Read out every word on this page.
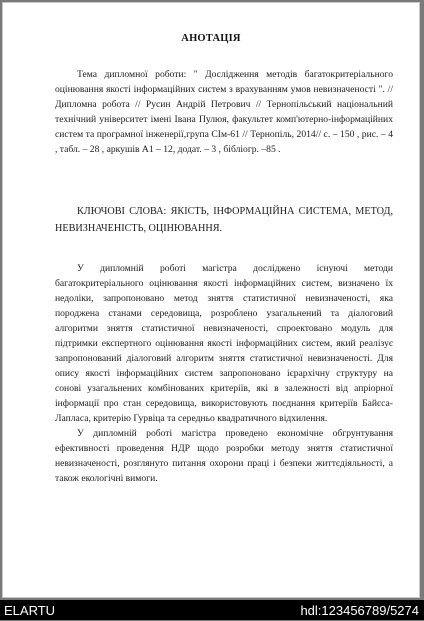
АНОТАЦІЯ

Тема дипломної роботи: " Дослідження методів багатокритеріального оцінювання якості інформаційних систем з врахуванням умов невизначеності ". // Дипломна робота // Русин Андрій Петрович // Тернопільський національний технічний університет імені Івана Пулюя, факультет комп'ютерно-інформаційних систем та програмної інженерії,група СІм-61 // Тернопіль, 2014// с. – 150 , рис. – 4 , табл. – 28 , аркушів А1 – 12, додат. – 3 , бібліогр. –85 .

КЛЮЧОВІ СЛОВА: ЯКІСТЬ, ІНФОРМАЦІЙНА СИСТЕМА, МЕТОД, НЕВИЗНАЧЕНІСТЬ, ОЦІНЮВАННЯ.

У дипломній роботі магістра досліджено існуючі методи багатокритеріального оцінювання якості інформаційних систем, визначено їх недоліки, запропоновано метод зняття статистичної невизначеності, яка породжена станами середовища, розроблено узагальнений та діалоговий алгоритми зняття статистичної невизначеності, спроектовано модуль для підтримки експертного оцінювання якості інформаційних систем, який реалізує запропонований діалоговий алгоритм зняття статистичної невизначеності. Для опису якості інформаційних систем запропоновано ієрархічну структуру на сонові узагальнених комбінованих критеріїв, які в залежності від апріорної інформації про стан середовища, використовують поєднання критеріїв Байєса-Лапласа, критерію Гурвіца та середньо квадратичного відхилення.

У дипломній роботі магістра проведено економічне обгрунтування ефективності проведення НДР щодо розробки методу зняття статистичної невизначеності, розглянуто питання охорони праці і безпеки життєдіяльності, а також екологічні вимоги.

ELARTU	hdl:123456789/5274
